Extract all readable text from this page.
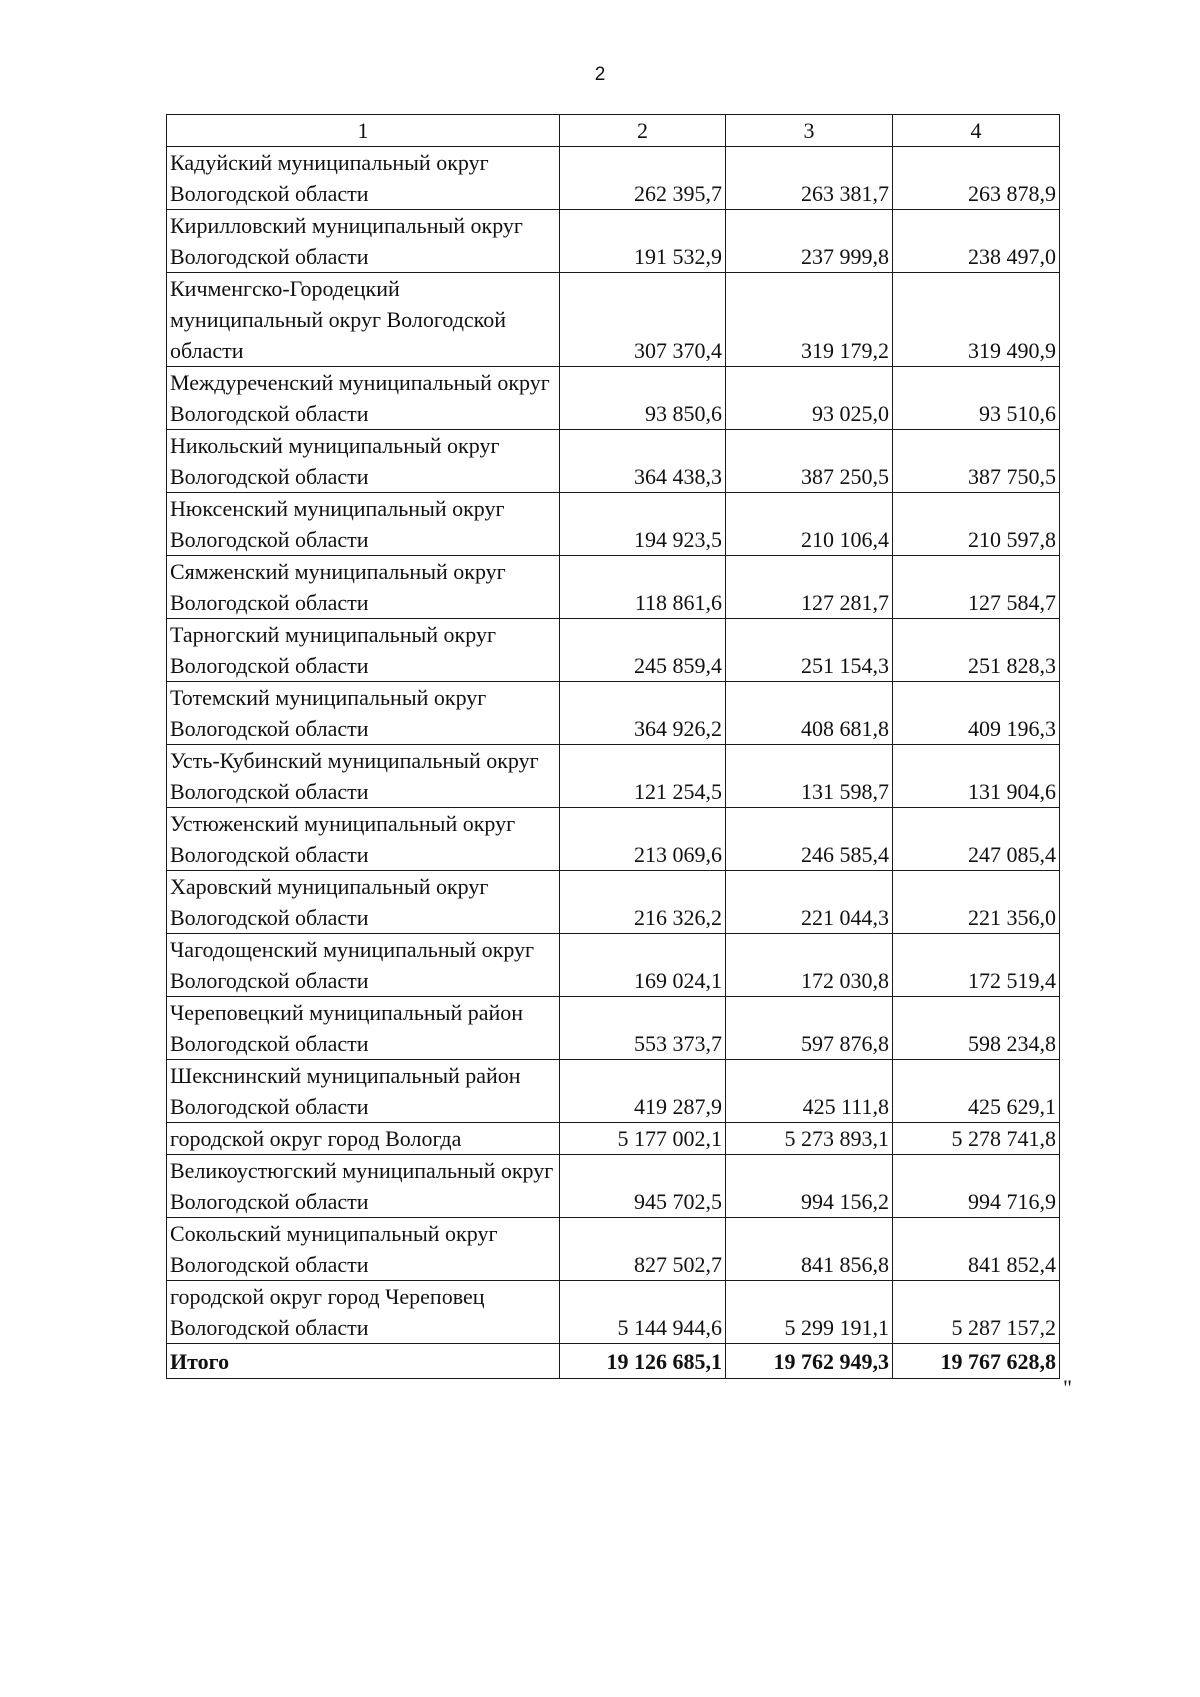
2
1	2	3	4
Кадуйский муниципальный округ Вологодской области	262 395,7	263 381,7	263 878,9
Кирилловский муниципальный округ Вологодской области	191 532,9	237 999,8	238 497,0
Кичменгско-Городецкий муниципальный округ Вологодской области	307 370,4	319 179,2	319 490,9
Междуреченский муниципальный округ Вологодской области	93 850,6	93 025,0	93 510,6
Никольский муниципальный округ Вологодской области	364 438,3	387 250,5	387 750,5
Нюксенский муниципальный округ Вологодской области	194 923,5	210 106,4	210 597,8
Сямженский муниципальный округ Вологодской области	118 861,6	127 281,7	127 584,7
Тарногский муниципальный округ Вологодской области	245 859,4	251 154,3	251 828,3
Тотемский муниципальный округ Вологодской области	364 926,2	408 681,8	409 196,3
Усть-Кубинский муниципальный округ Вологодской области	121 254,5	131 598,7	131 904,6
Устюженский муниципальный округ Вологодской области	213 069,6	246 585,4	247 085,4
Харовский муниципальный округ Вологодской области	216 326,2	221 044,3	221 356,0
Чагодощенский муниципальный округ Вологодской области	169 024,1	172 030,8	172 519,4
Череповецкий муниципальный район Вологодской области	553 373,7	597 876,8	598 234,8
Шекснинский муниципальный район Вологодской области	419 287,9	425 111,8	425 629,1
городской округ город Вологда	5 177 002,1	5 273 893,1	5 278 741,8
Великоустюгский муниципальный округ Вологодской области	945 702,5	994 156,2	994 716,9
Сокольский муниципальный округ Вологодской области	827 502,7	841 856,8	841 852,4
городской округ город Череповец Вологодской области	5 144 944,6	5 299 191,1	5 287 157,2
Итого	19 126 685,1	19 762 949,3	19 767 628,8
"
